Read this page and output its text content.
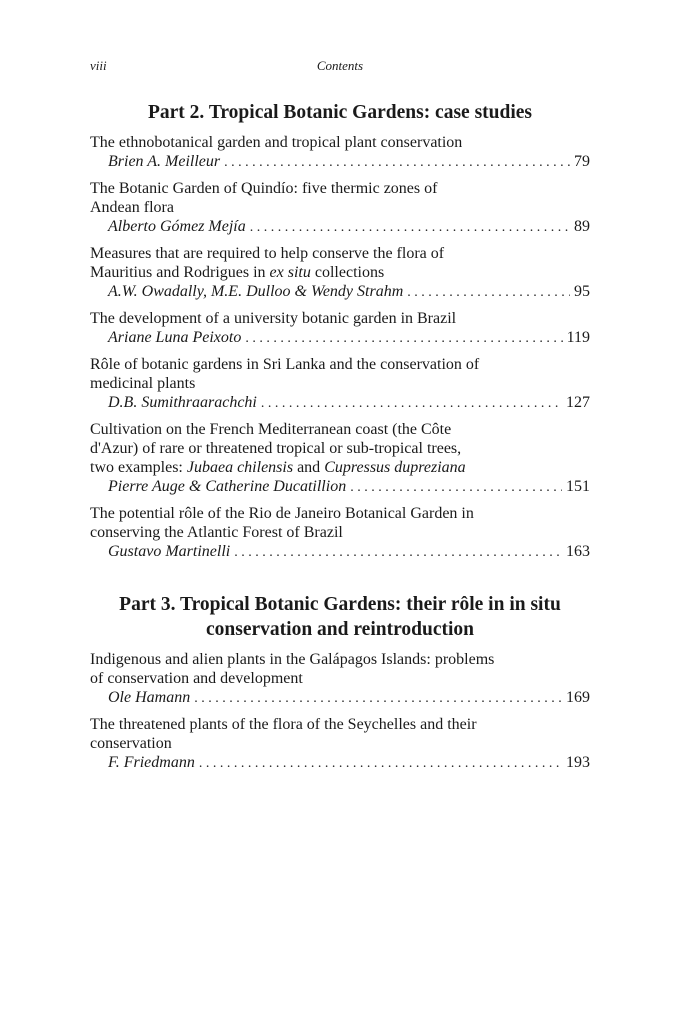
viii	Contents
Part 2. Tropical Botanic Gardens: case studies
The ethnobotanical garden and tropical plant conservation
Brien A. Meilleur . . .	79
The Botanic Garden of Quindío: five thermic zones of
Andean flora
Alberto Gómez Mejía . . .	89
Measures that are required to help conserve the flora of
Mauritius and Rodrigues in ex situ collections
A.W. Owadally, M.E. Dulloo & Wendy Strahm . . .	95
The development of a university botanic garden in Brazil
Ariane Luna Peixoto . . .	119
Rôle of botanic gardens in Sri Lanka and the conservation of
medicinal plants
D.B. Sumithraarachchi . . .	127
Cultivation on the French Mediterranean coast (the Côte
d'Azur) of rare or threatened tropical or sub-tropical trees,
two examples: Jubaea chilensis and Cupressus dupreziana
Pierre Auge & Catherine Ducatillion . . .	151
The potential rôle of the Rio de Janeiro Botanical Garden in
conserving the Atlantic Forest of Brazil
Gustavo Martinelli . . .	163
Part 3. Tropical Botanic Gardens: their rôle in in situ
conservation and reintroduction
Indigenous and alien plants in the Galápagos Islands: problems
of conservation and development
Ole Hamann . . .	169
The threatened plants of the flora of the Seychelles and their
conservation
F. Friedmann . . .	193
